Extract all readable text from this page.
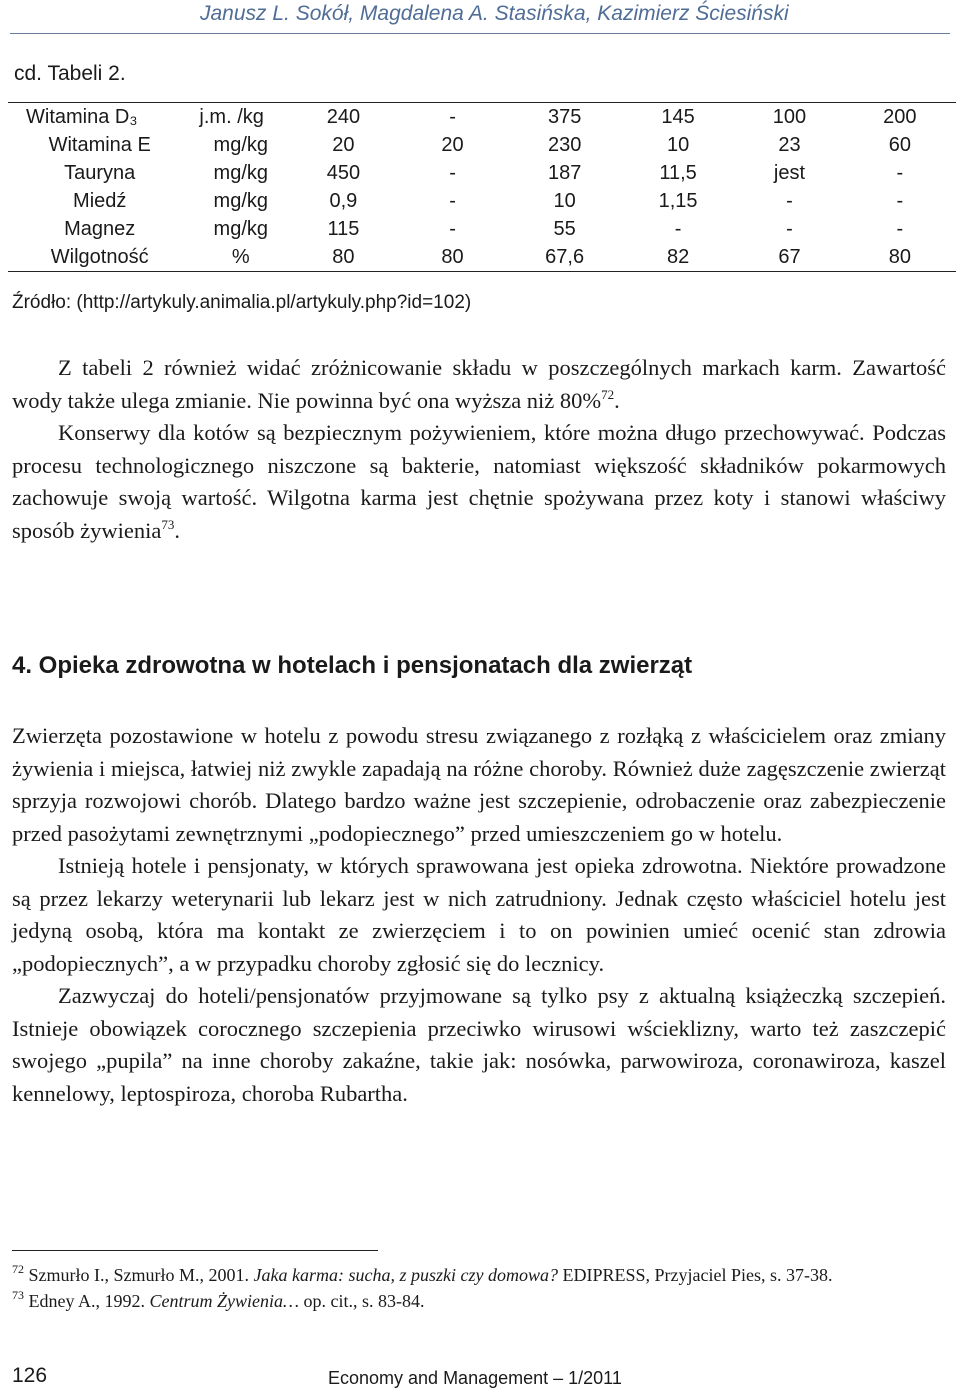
Janusz L. Sokół, Magdalena A. Stasińska, Kazimierz Ściesiński
cd. Tabeli 2.
Witamina D₃	j.m. /kg	240	-	375	145	100	200
Witamina E	mg/kg	20	20	230	10	23	60
Tauryna	mg/kg	450	-	187	11,5	jest	-
Miedź	mg/kg	0,9	-	10	1,15	-	-
Magnez	mg/kg	115	-	55	-	-	-
Wilgotność	%	80	80	67,6	82	67	80
Źródło: (http://artykuly.animalia.pl/artykuly.php?id=102)

Z tabeli 2 również widać zróżnicowanie składu w poszczególnych markach karm. Zawartość wody także ulega zmianie. Nie powinna być ona wyższa niż 80%$^{72}$.

Konserwy dla kotów są bezpiecznym pożywieniem, które można długo przechowywać. Podczas procesu technologicznego niszczone są bakterie, natomiast większość składników pokarmowych zachowuje swoją wartość. Wilgotna karma jest chętnie spożywana przez koty i stanowi właściwy sposób żywienia$^{73}$.

4. Opieka zdrowotna w hotelach i pensjonatach dla zwierząt

Zwierzęta pozostawione w hotelu z powodu stresu związanego z rozłąką z właścicielem oraz zmiany żywienia i miejsca, łatwiej niż zwykle zapadają na różne choroby. Również duże zagęszczenie zwierząt sprzyja rozwojowi chorób. Dlatego bardzo ważne jest szczepienie, odrobaczenie oraz zabezpieczenie przed pasożytami zewnętrznymi „podopiecznego” przed umieszczeniem go w hotelu.

Istnieją hotele i pensjonaty, w których sprawowana jest opieka zdrowotna. Niektóre prowadzone są przez lekarzy weterynarii lub lekarz jest w nich zatrudniony. Jednak często właściciel hotelu jest jedyną osobą, która ma kontakt ze zwierzęciem i to on powinien umieć ocenić stan zdrowia „podopiecznych”, a w przypadku choroby zgłosić się do lecznicy.

Zazwyczaj do hoteli/pensjonatów przyjmowane są tylko psy z aktualną książeczką szczepień. Istnieje obowiązek corocznego szczepienia przeciwko wirusowi wścieklizny, warto też zaszczepić swojego „pupila” na inne choroby zakaźne, takie jak: nosówka, parwowiroza, coronawiroza, kaszel kennelowy, leptospiroza, choroba Rubartha.

$^{72}$ Szmurło I., Szmurło M., 2001. Jaka karma: sucha, z puszki czy domowa? EDIPRESS, Przyjaciel Pies, s. 37-38.

$^{73}$ Edney A., 1992. Centrum Żywienia… op. cit., s. 83-84.

126	Economy and Management – 1/2011
